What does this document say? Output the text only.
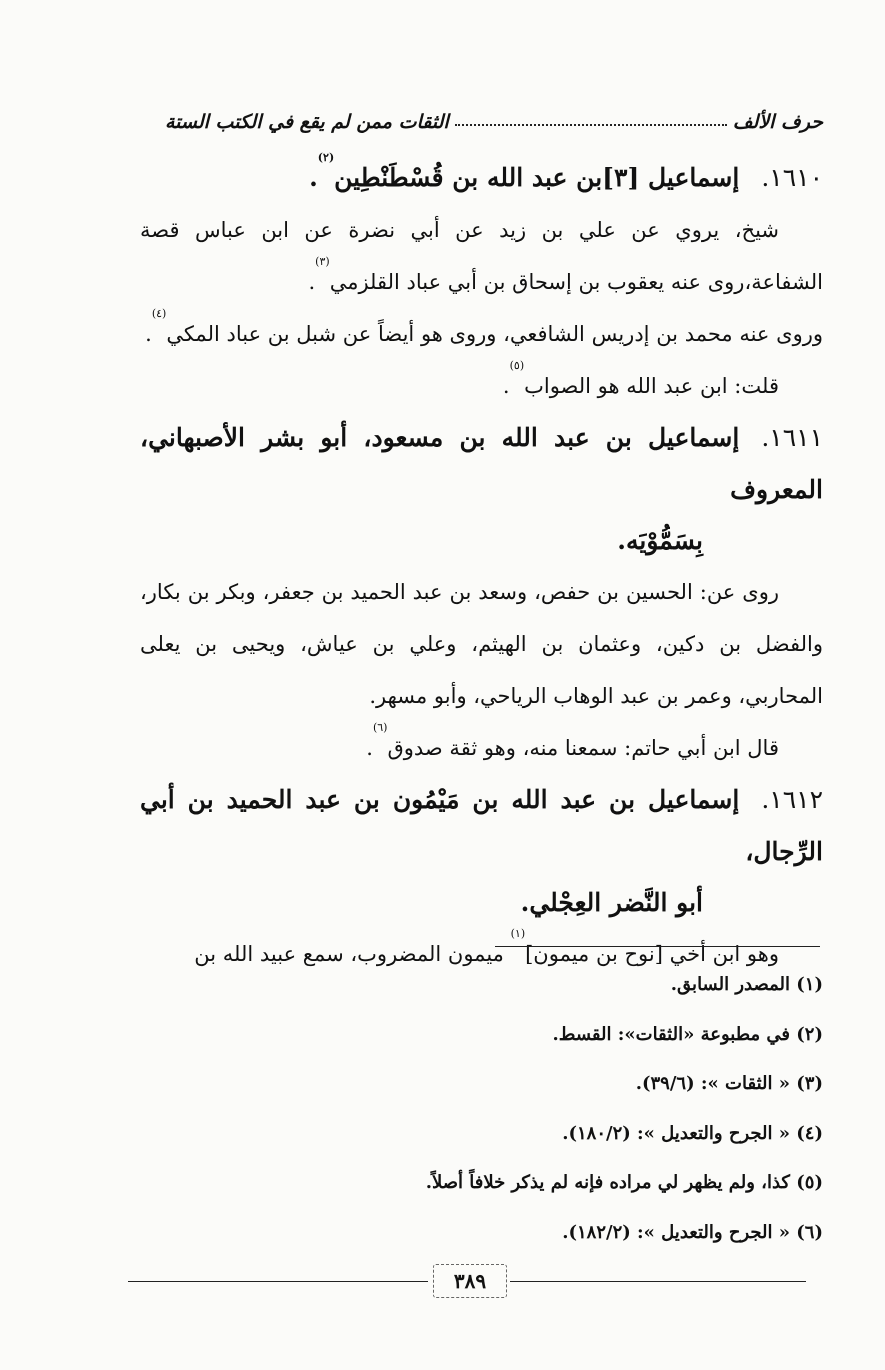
حرف الألف
الثقات ممن لم يقع في الكتب الستة

١٦١٠.إسماعيل [٣]بن عبد الله بن قُسْطَنْطِين$^{(٢)}$.

شيخ، يروي عن علي بن زيد عن أبي نضرة عن ابن عباس قصة الشفاعة،روى عنه يعقوب بن إسحاق بن أبي عباد القلزمي$^{(٣)}$.

وروى عنه محمد بن إدريس الشافعي، وروى هو أيضاً عن شبل بن عباد المكي$^{(٤)}$.

قلت: ابن عبد الله هو الصواب$^{(٥)}$.

١٦١١.إسماعيل بن عبد الله بن مسعود، أبو بشر الأصبهاني، المعروف
بِسَمُّوْيَه.

روى عن: الحسين بن حفص، وسعد بن عبد الحميد بن جعفر، وبكر بن بكار، والفضل بن دكين، وعثمان بن الهيثم، وعلي بن عياش، ويحيى بن يعلى المحاربي، وعمر بن عبد الوهاب الرياحي، وأبو مسهر.

قال ابن أبي حاتم: سمعنا منه، وهو ثقة صدوق$^{(٦)}$.

١٦١٢.إسماعيل بن عبد الله بن مَيْمُون بن عبد الحميد بن أبي الرِّجال،
أبو النَّضر العِجْلي.

وهو ابن أخي [نوح بن ميمون]$^{(١)}$ ميمون المضروب، سمع عبيد الله بن

(١) المصدر السابق.
(٢) في مطبوعة «الثقات»: القسط.
(٣) « الثقات »: (٣٩/٦).
(٤) « الجرح والتعديل »: (١٨٠/٢).
(٥) كذا، ولم يظهر لي مراده فإنه لم يذكر خلافاً أصلاً.
(٦) « الجرح والتعديل »: (١٨٢/٢).
٣٨٩
